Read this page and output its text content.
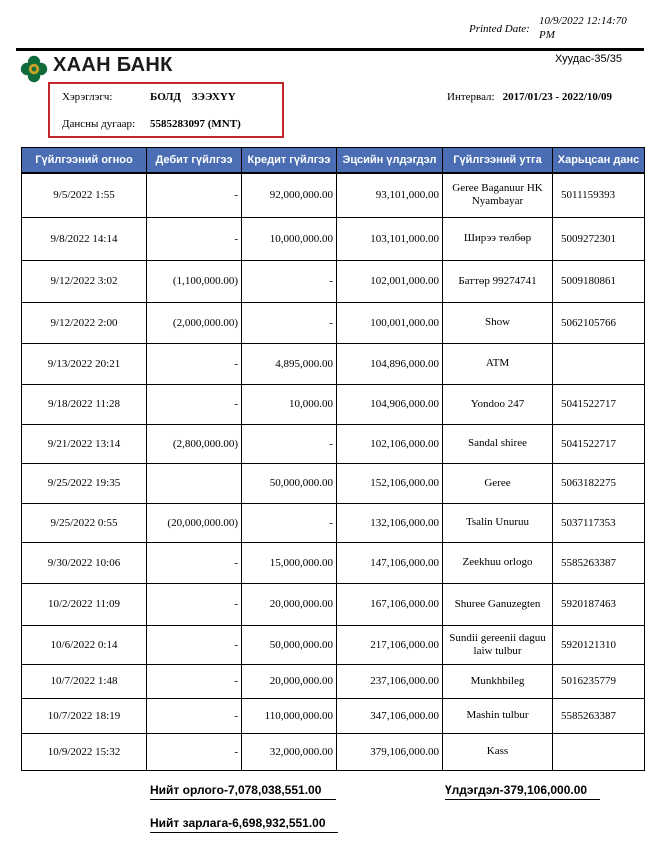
Printed Date:
10/9/2022 12:14:70 PM
Хуудас-35/35
ХААН БАНК
Хэрэглэгч:	БОЛД ЗЭЭХҮҮ
Дансны дугаар: 5585283097 (MNT)
Интервал: 2017/01/23 - 2022/10/09
Гүйлгээний огноо	Дебит гүйлгээ	Кредит гүйлгээ	Эцсийн үлдэгдэл	Гүйлгээний утга	Харьцсан данс
9/5/2022 1:55	-	92,000,000.00	93,101,000.00	Geree Baganuur HK Nyambayar	5011159393
9/8/2022 14:14	-	10,000,000.00	103,101,000.00	Ширээ төлбөр	5009272301
9/12/2022 3:02	(1,100,000.00)	-	102,001,000.00	Баттөр 99274741	5009180861
9/12/2022 2:00	(2,000,000.00)	-	100,001,000.00	Show	5062105766
9/13/2022 20:21	-	4,895,000.00	104,896,000.00	ATM	
9/18/2022 11:28	-	10,000.00	104,906,000.00	Yondoo 247	5041522717
9/21/2022 13:14	(2,800,000.00)	-	102,106,000.00	Sandal shiree	5041522717
9/25/2022 19:35		50,000,000.00	152,106,000.00	Geree	5063182275
9/25/2022 0:55	(20,000,000.00)	-	132,106,000.00	Tsalin Unuruu	5037117353
9/30/2022 10:06	-	15,000,000.00	147,106,000.00	Zeekhuu orlogo	5585263387
10/2/2022 11:09	-	20,000,000.00	167,106,000.00	Shuree Ganuzegten	5920187463
10/6/2022 0:14	-	50,000,000.00	217,106,000.00	Sundii gereenii daguu laiw tulbur	5920121310
10/7/2022 1:48	-	20,000,000.00	237,106,000.00	Munkhbileg	5016235779
10/7/2022 18:19	-	110,000,000.00	347,106,000.00	Mashin tulbur	5585263387
10/9/2022 15:32	-	32,000,000.00	379,106,000.00	Kass	
Нийт орлого-7,078,038,551.00	Үлдэгдэл-379,106,000.00
Нийт зарлага-6,698,932,551.00
